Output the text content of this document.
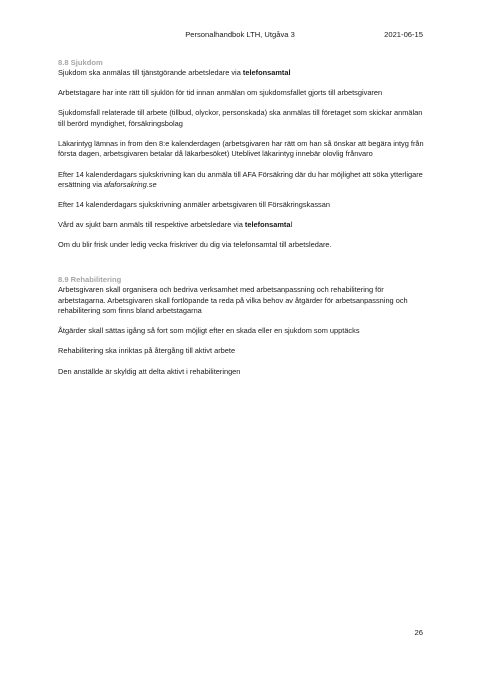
Personalhandbok LTH, Utgåva 3	2021-06-15
8.8 Sjukdom

Sjukdom ska anmälas till tjänstgörande arbetsledare via telefonsamtal

Arbetstagare har inte rätt till sjuklön för tid innan anmälan om sjukdomsfallet gjorts till arbetsgivaren

Sjukdomsfall relaterade till arbete (tillbud, olyckor, personskada) ska anmälas till företaget som skickar anmälan till berörd myndighet, försäkringsbolag

Läkarintyg lämnas in from den 8:e kalenderdagen (arbetsgivaren har rätt om han så önskar att begära intyg från första dagen, arbetsgivaren betalar då läkarbesöket) Uteblivet läkarintyg innebär olovlig frånvaro

Efter 14 kalenderdagars sjukskrivning kan du anmäla till AFA Försäkring där du har möjlighet att söka ytterligare ersättning via afaforsakring.se

Efter 14 kalenderdagars sjukskrivning anmäler arbetsgivaren till Försäkringskassan

Vård av sjukt barn anmäls till respektive arbetsledare via telefonsamtal

Om du blir frisk under ledig vecka friskriver du dig via telefonsamtal till arbetsledare.

8.9 Rehabilitering

Arbetsgivaren skall organisera och bedriva verksamhet med arbetsanpassning och rehabilitering för arbetstagarna. Arbetsgivaren skall fortlöpande ta reda på vilka behov av åtgärder för arbetsanpassning och rehabilitering som finns bland arbetstagarna

Åtgärder skall sättas igång så fort som möjligt efter en skada eller en sjukdom som upptäcks

Rehabilitering ska inriktas på återgång till aktivt arbete

Den anställde är skyldig att delta aktivt i rehabiliteringen

26
